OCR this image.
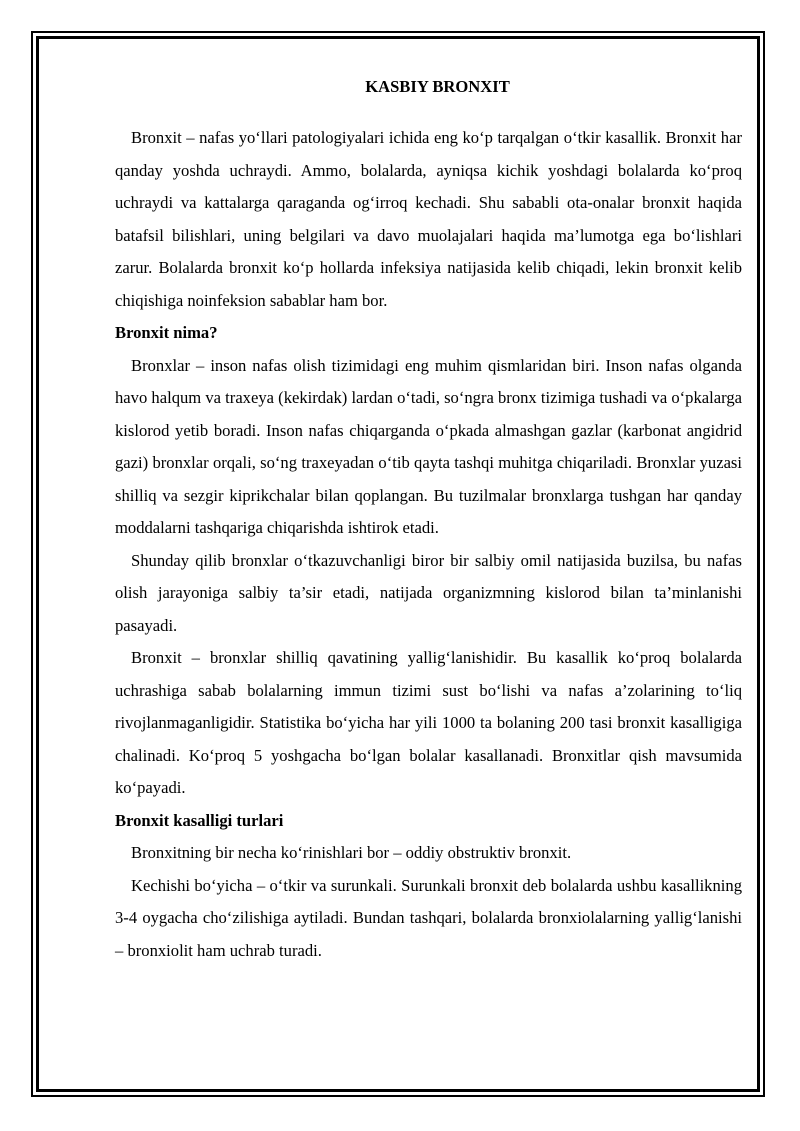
KASBIY BRONXIT

Bronxit – nafas yo‘llari patologiyalari ichida eng ko‘p tarqalgan o‘tkir kasallik. Bronxit har qanday yoshda uchraydi. Ammo, bolalarda, ayniqsa kichik yoshdagi bolalarda ko‘proq uchraydi va kattalarga qaraganda og‘irroq kechadi. Shu sababli ota-onalar bronxit haqida batafsil bilishlari, uning belgilari va davo muolajalari haqida ma’lumotga ega bo‘lishlari zarur. Bolalarda bronxit ko‘p hollarda infeksiya natijasida kelib chiqadi, lekin bronxit kelib chiqishiga noinfeksion sabablar ham bor.

Bronxit nima?

Bronxlar – inson nafas olish tizimidagi eng muhim qismlaridan biri. Inson nafas olganda havo halqum va traxeya (kekirdak) lardan o‘tadi, so‘ngra bronx tizimiga tushadi va o‘pkalarga kislorod yetib boradi. Inson nafas chiqarganda o‘pkada almashgan gazlar (karbonat angidrid gazi) bronxlar orqali, so‘ng traxeyadan o‘tib qayta tashqi muhitga chiqariladi. Bronxlar yuzasi shilliq va sezgir kiprikchalar bilan qoplangan. Bu tuzilmalar bronxlarga tushgan har qanday moddalarni tashqariga chiqarishda ishtirok etadi.

Shunday qilib bronxlar o‘tkazuvchanligi biror bir salbiy omil natijasida buzilsa, bu nafas olish jarayoniga salbiy ta’sir etadi, natijada organizmning kislorod bilan ta’minlanishi pasayadi.

Bronxit – bronxlar shilliq qavatining yallig‘lanishidir. Bu kasallik ko‘proq bolalarda uchrashiga sabab bolalarning immun tizimi sust bo‘lishi va nafas a’zolarining to‘liq rivojlanmaganligidir. Statistika bo‘yicha har yili 1000 ta bolaning 200 tasi bronxit kasalligiga chalinadi. Ko‘proq 5 yoshgacha bo‘lgan bolalar kasallanadi. Bronxitlar qish mavsumida ko‘payadi.

Bronxit kasalligi turlari

Bronxitning bir necha ko‘rinishlari bor – oddiy obstruktiv bronxit.

Kechishi bo‘yicha – o‘tkir va surunkali. Surunkali bronxit deb bolalarda ushbu kasallikning 3-4 oygacha cho‘zilishiga aytiladi. Bundan tashqari, bolalarda bronxiolalarning yallig‘lanishi – bronxiolit ham uchrab turadi.
